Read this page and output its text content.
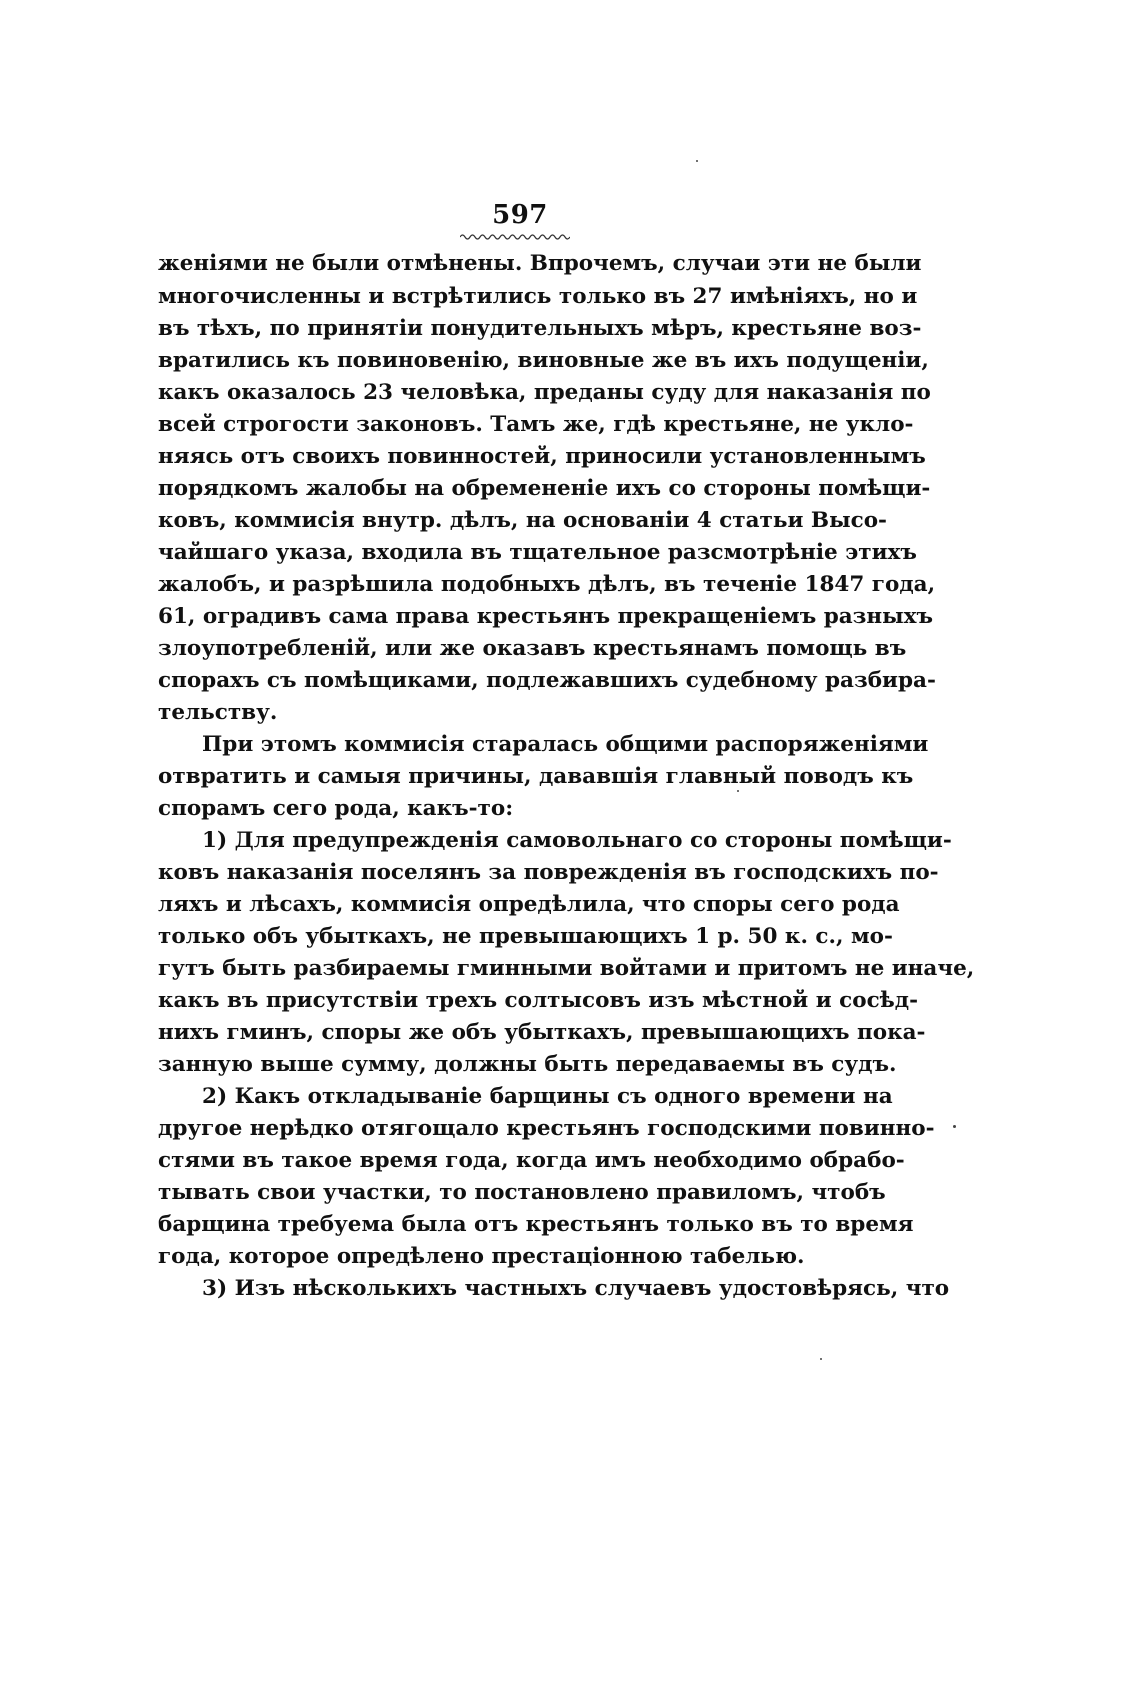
597
женіями не были отмѣнены. Впрочемъ, случаи эти не были
многочисленны и встрѣтились только въ 27 имѣніяхъ, но и
въ тѣхъ, по принятіи понудительныхъ мѣръ, крестьяне воз-
вратились къ повиновенію, виновные же въ ихъ подущеніи,
какъ оказалось 23 человѣка, преданы суду для наказанія по
всей строгости законовъ. Тамъ же, гдѣ крестьяне, не укло-
няясь отъ своихъ повинностей, приносили установленнымъ
порядкомъ жалобы на обремененіе ихъ со стороны помѣщи-
ковъ, коммисія внутр. дѣлъ, на основаніи 4 статьи Высо-
чайшаго указа, входила въ тщательное разсмотрѣніе этихъ
жалобъ, и разрѣшила подобныхъ дѣлъ, въ теченіе 1847 года,
61, оградивъ сама права крестьянъ прекращеніемъ разныхъ
злоупотребленій, или же оказавъ крестьянамъ помощь въ
спорахъ съ помѣщиками, подлежавшихъ судебному разбира-
тельству.
При этомъ коммисія старалась общими распоряженіями
отвратить и самыя причины, дававшія главный поводъ къ
спорамъ сего рода, какъ-то:
1) Для предупрежденія самовольнаго со стороны помѣщи-
ковъ наказанія поселянъ за поврежденія въ господскихъ по-
ляхъ и лѣсахъ, коммисія опредѣлила, что споры сего рода
только объ убыткахъ, не превышающихъ 1 р. 50 к. с., мо-
гутъ быть разбираемы гминными войтами и притомъ не иначе,
какъ въ присутствіи трехъ солтысовъ изъ мѣстной и сосѣд-
нихъ гминъ, споры же объ убыткахъ, превышающихъ пока-
занную выше сумму, должны быть передаваемы въ судъ.
2) Какъ откладываніе барщины съ одного времени на
другое нерѣдко отягощало крестьянъ господскими повинно-
стями въ такое время года, когда имъ необходимо обрабо-
тывать свои участки, то постановлено правиломъ, чтобъ
барщина требуема была отъ крестьянъ только въ то время
года, которое опредѣлено престаціонною табелью.
3) Изъ нѣсколькихъ частныхъ случаевъ удостовѣрясь, что
